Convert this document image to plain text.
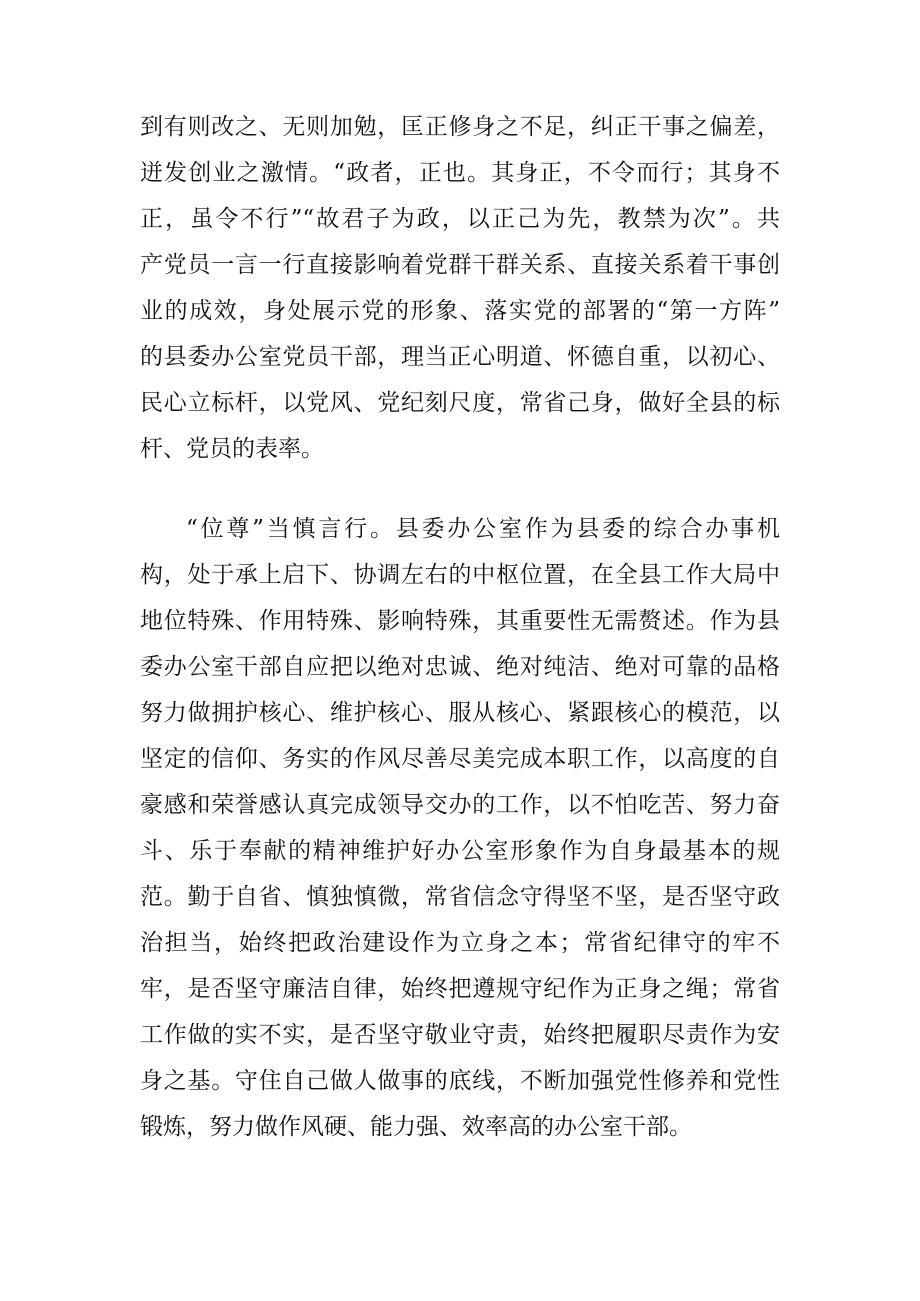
到有则改之、无则加勉，匡正修身之不足，纠正干事之偏差，
迸发创业之激情。“政者，正也。其身正，不令而行；其身不
正，虽令不行”“故君子为政，以正己为先，教禁为次”。共
产党员一言一行直接影响着党群干群关系、直接关系着干事创
业的成效，身处展示党的形象、落实党的部署的“第一方阵”
的县委办公室党员干部，理当正心明道、怀德自重，以初心、
民心立标杆，以党风、党纪刻尺度，常省己身，做好全县的标
杆、党员的表率。
“位尊”当慎言行。县委办公室作为县委的综合办事机
构，处于承上启下、协调左右的中枢位置，在全县工作大局中
地位特殊、作用特殊、影响特殊，其重要性无需赘述。作为县
委办公室干部自应把以绝对忠诚、绝对纯洁、绝对可靠的品格
努力做拥护核心、维护核心、服从核心、紧跟核心的模范，以
坚定的信仰、务实的作风尽善尽美完成本职工作，以高度的自
豪感和荣誉感认真完成领导交办的工作，以不怕吃苦、努力奋
斗、乐于奉献的精神维护好办公室形象作为自身最基本的规
范。勤于自省、慎独慎微，常省信念守得坚不坚，是否坚守政
治担当，始终把政治建设作为立身之本；常省纪律守的牢不
牢，是否坚守廉洁自律，始终把遵规守纪作为正身之绳；常省
工作做的实不实，是否坚守敬业守责，始终把履职尽责作为安
身之基。守住自己做人做事的底线，不断加强党性修养和党性
锻炼，努力做作风硬、能力强、效率高的办公室干部。
